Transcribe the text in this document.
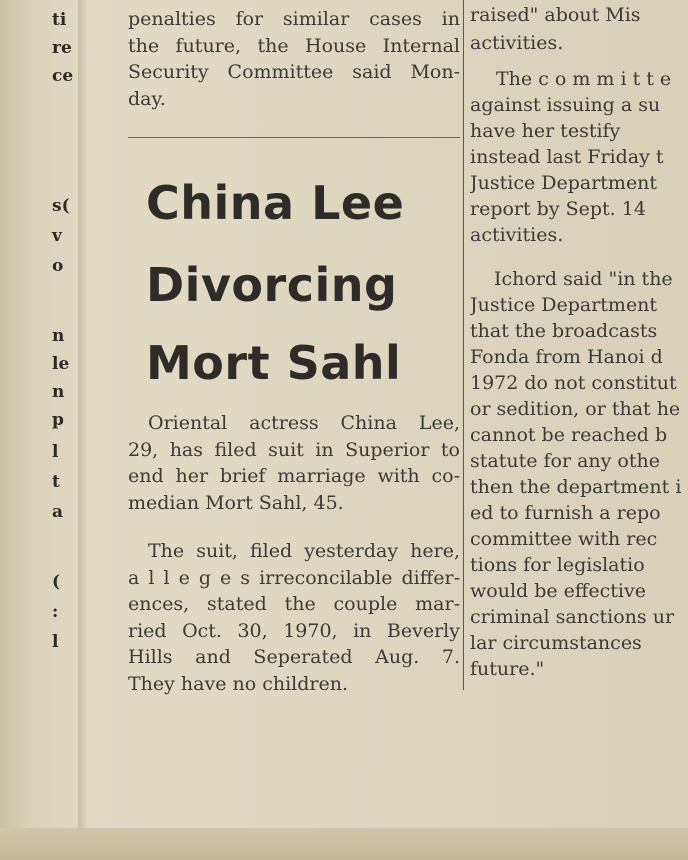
ti
re
ce
s(
v
o
n
le
n
p
l
t
a
(
:
l
penalties for similar cases in
the future, the House Internal
Security Committee said Mon-
day.
China Lee
Divorcing
Mort Sahl
Oriental actress China Lee,
29, has filed suit in Superior to
end her brief marriage with co-
median Mort Sahl, 45.
The suit, filed yesterday here,
a l l e g e s irreconcilable differ-
ences, stated the couple mar-
ried Oct. 30, 1970, in Beverly
Hills and Seperated Aug. 7.
They have no children.
raised" about Mis
activities.
The c o m m i t t e
against issuing a su
have her testify
instead last Friday t
Justice Department
report by Sept. 14
activities.
Ichord said "in the
Justice Department
that the broadcasts
Fonda from Hanoi d
1972 do not constitut
or sedition, or that he
cannot be reached b
statute for any othe
then the department i
ed to furnish a repo
committee with rec
tions for legislatio
would be effective
criminal sanctions ur
lar circumstances
future."
